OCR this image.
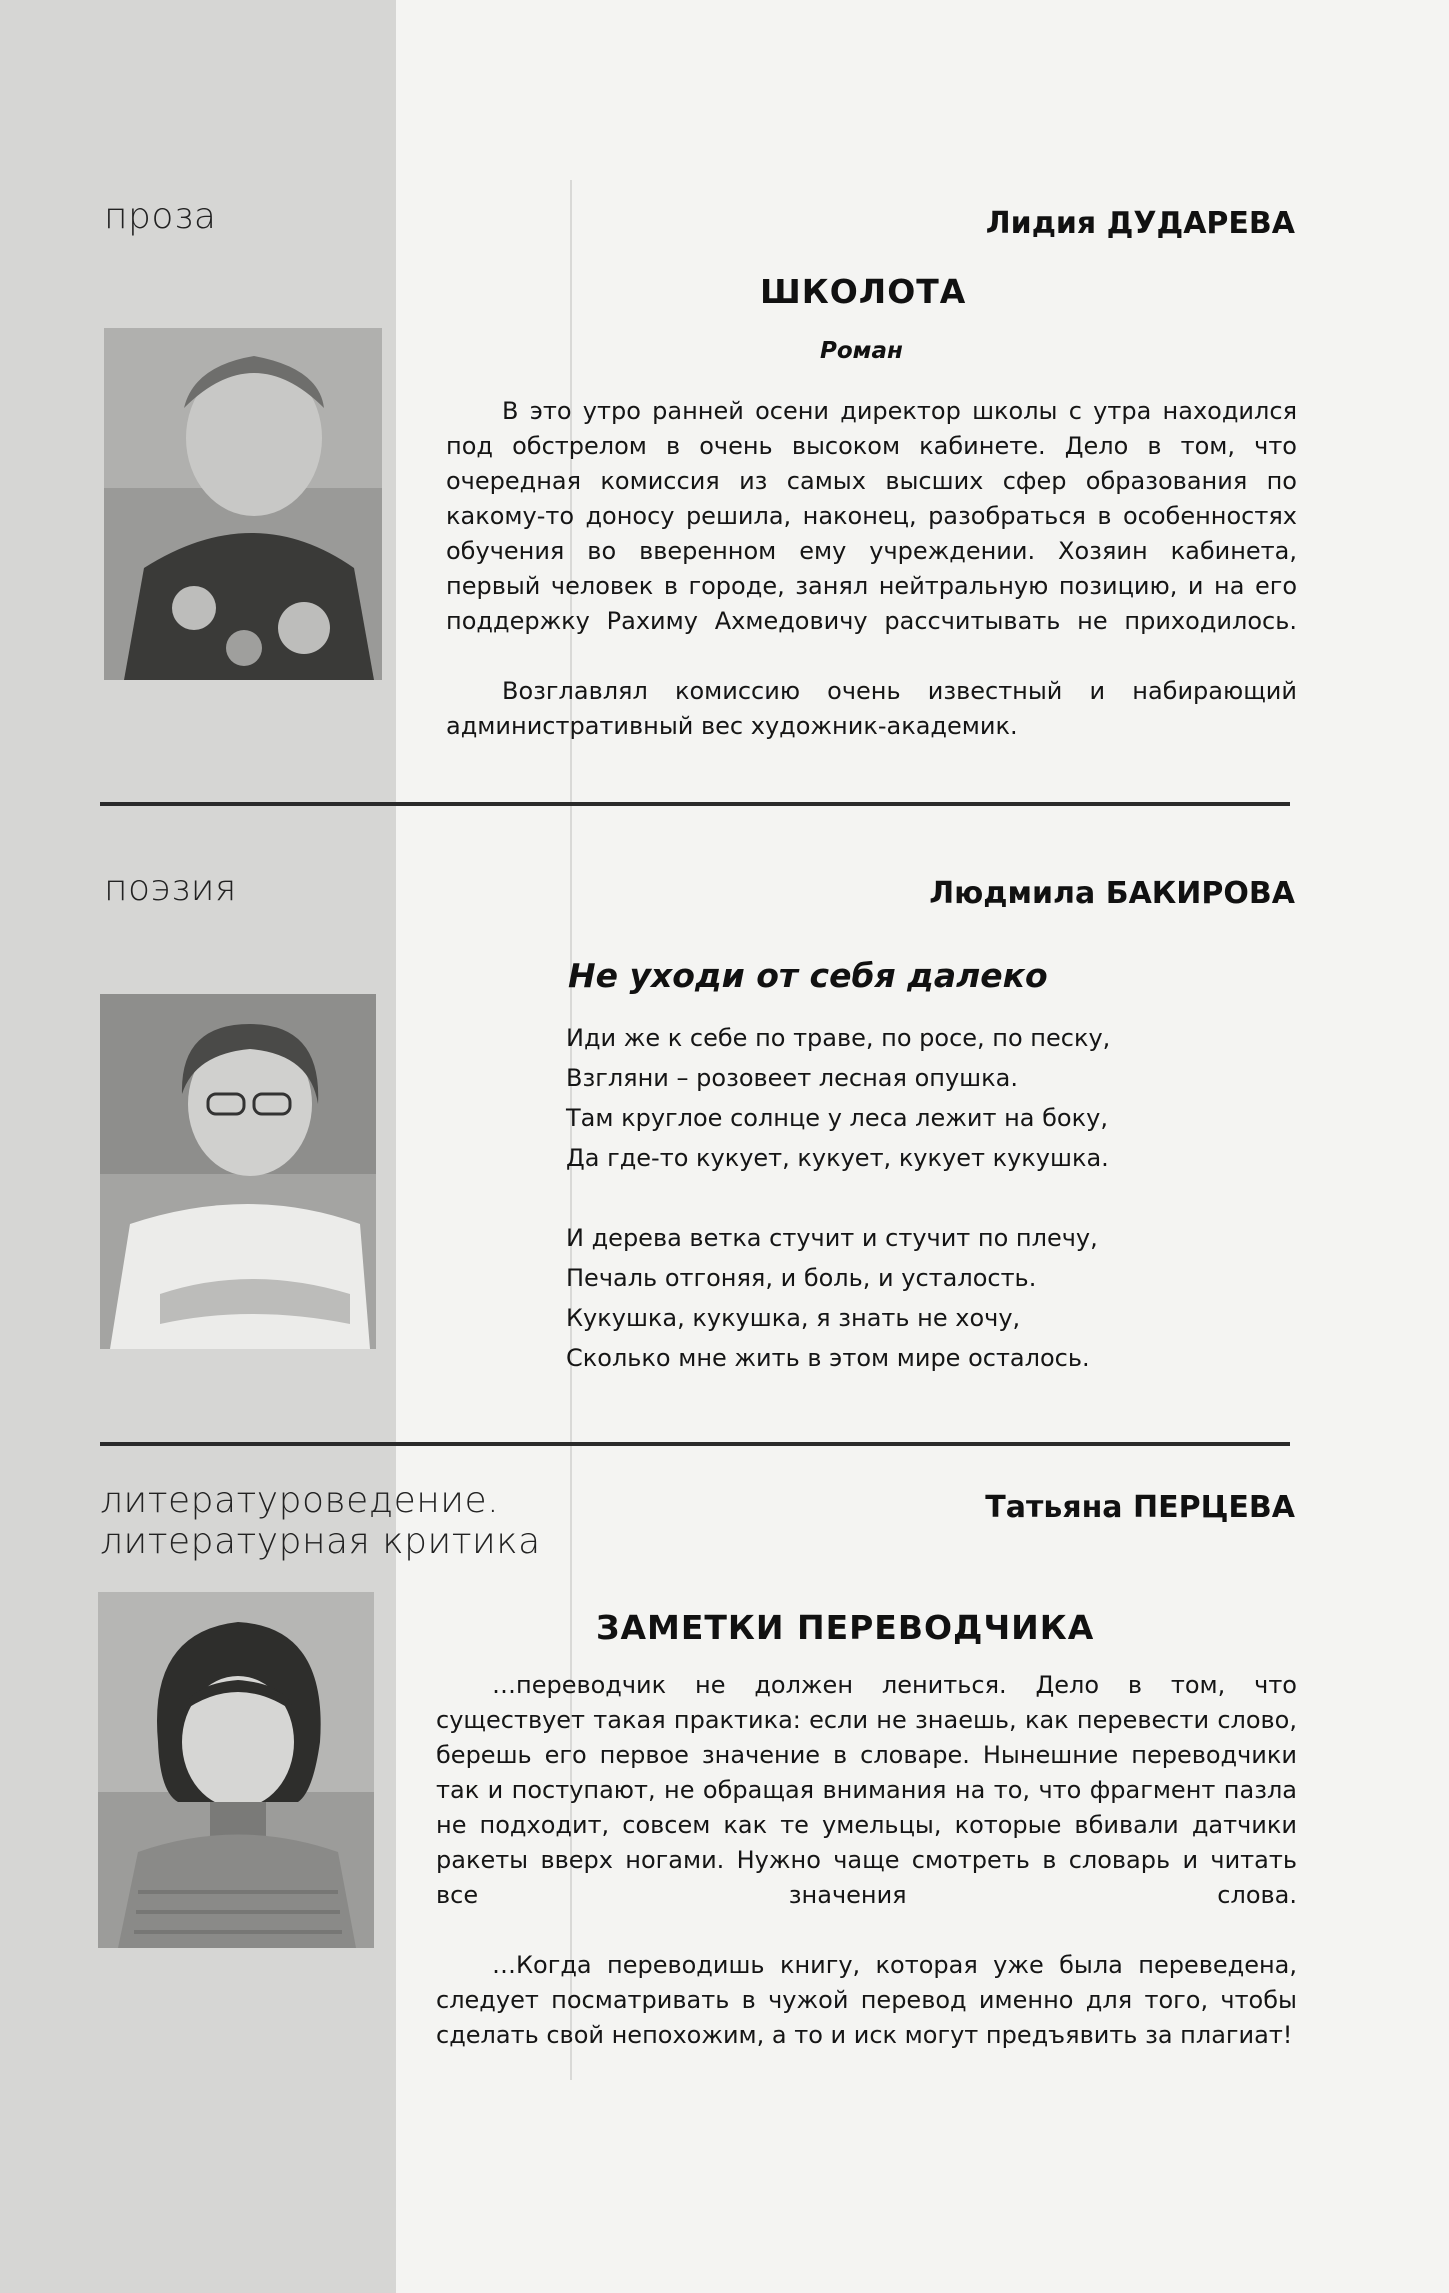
проза	Лидия ДУДАРЕВА
ШКОЛОТА
Роман

В это утро ранней осени директор школы с утра находился под обстрелом в очень высоком кабинете. Дело в том, что очередная комиссия из самых высших сфер образования по какому-то доносу решила, наконец, разобраться в особенностях обучения во вверенном ему учреждении. Хозяин кабинета, первый человек в городе, занял нейтральную позицию, и на его поддержку Рахиму Ахмедовичу рассчитывать не приходилось.

Возглавлял комиссию очень известный и набирающий административный вес художник-академик.

поэзия	Людмила БАКИРОВА
Не уходи от себя далеко
Иди же к себе по траве, по росе, по песку,
Взгляни – розовеет лесная опушка.
Там круглое солнце у леса лежит на боку,
Да где-то кукует, кукует, кукует кукушка.
И дерева ветка стучит и стучит по плечу,
Печаль отгоняя, и боль, и усталость.
Кукушка, кукушка, я знать не хочу,
Сколько мне жить в этом мире осталось.
литературоведение.
литературная критика
Татьяна ПЕРЦЕВА
ЗАМЕТКИ ПЕРЕВОДЧИКА

…переводчик не должен лениться. Дело в том, что существует такая практика: если не знаешь, как перевести слово, берешь его первое значение в словаре. Нынешние переводчики так и поступают, не обращая внимания на то, что фрагмент пазла не подходит, совсем как те умельцы, которые вбивали датчики ракеты вверх ногами. Нужно чаще смотреть в словарь и читать все значения слова.

…Когда переводишь книгу, которая уже была переведена, следует посматривать в чужой перевод именно для того, чтобы сделать свой непохожим, а то и иск могут предъявить за плагиат!
